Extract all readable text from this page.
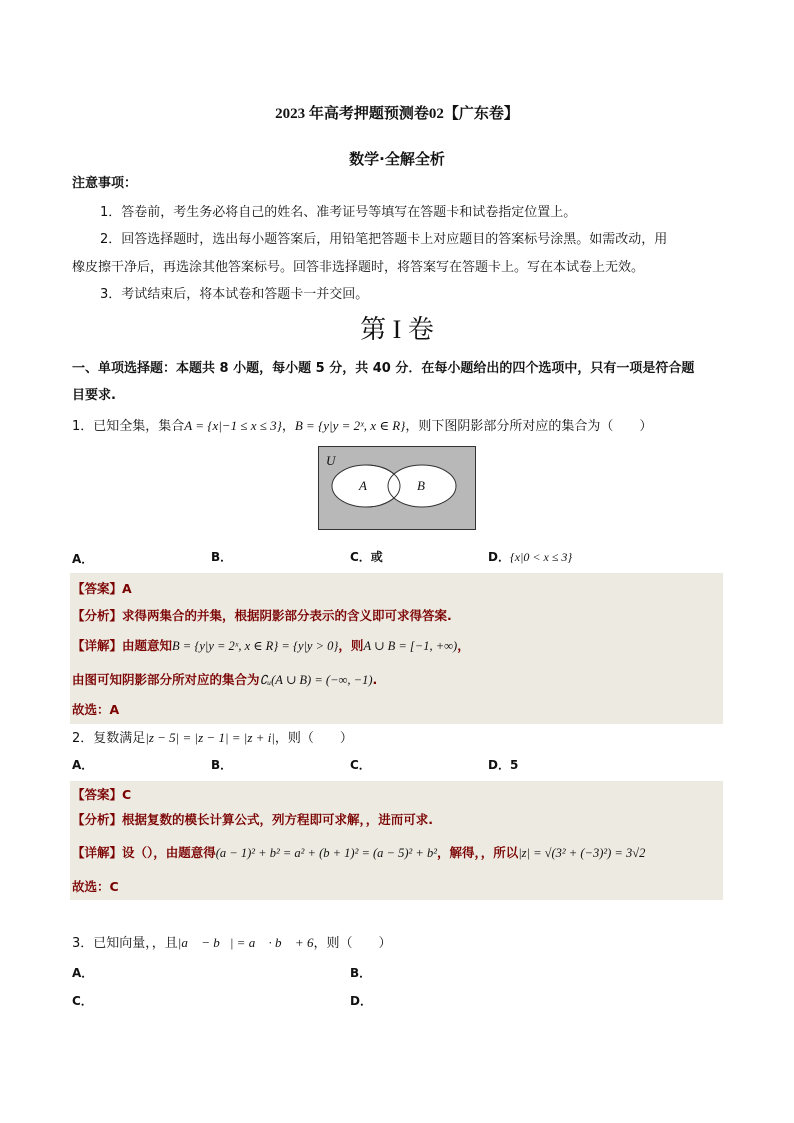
2023 年高考押题预测卷02【广东卷】
数学·全解全析
注意事项：
1．答卷前，考生务必将自己的姓名、准考证号等填写在答题卡和试卷指定位置上。
2．回答选择题时，选出每小题答案后，用铅笔把答题卡上对应题目的答案标号涂黑。如需改动，用
橡皮擦干净后，再选涂其他答案标号。回答非选择题时，将答案写在答题卡上。写在本试卷上无效。
3．考试结束后，将本试卷和答题卡一并交回。
第 I 卷
一、单项选择题：本题共 8 小题，每小题 5 分，共 40 分．在每小题给出的四个选项中，只有一项是符合题
目要求.
1．已知全集，集合A = {x|−1 ≤ x ≤ 3}，B = {y|y = 2ˣ, x ∈ R}，则下图阴影部分所对应的集合为（　　）
U
A	B
A．	B．	C．或	D．{x|0 < x ≤ 3}
【答案】A
【分析】求得两集合的并集，根据阴影部分表示的含义即可求得答案.
【详解】由题意知B = {y|y = 2ˣ, x ∈ R} = {y|y > 0}，则A ∪ B = [−1, +∞)，
由图可知阴影部分所对应的集合为∁ᵤ(A ∪ B) = (−∞, −1).
故选：A
2．复数满足|z − 5| = |z − 1| = |z + i|，则（　　）
A．	B．	C．	D．5
【答案】C
【分析】根据复数的模长计算公式，列方程即可求解，，进而可求.
【详解】设（），由题意得(a − 1)² + b² = a² + (b + 1)² = (a − 5)² + b²，解得，，所以|z| = √(3² + (−3)²) = 3√2
故选：C
3．已知向量，，且|a⃗ − b⃗| = a⃗ · b⃗ + 6，则（　　）
A．	B．
C．	D．
